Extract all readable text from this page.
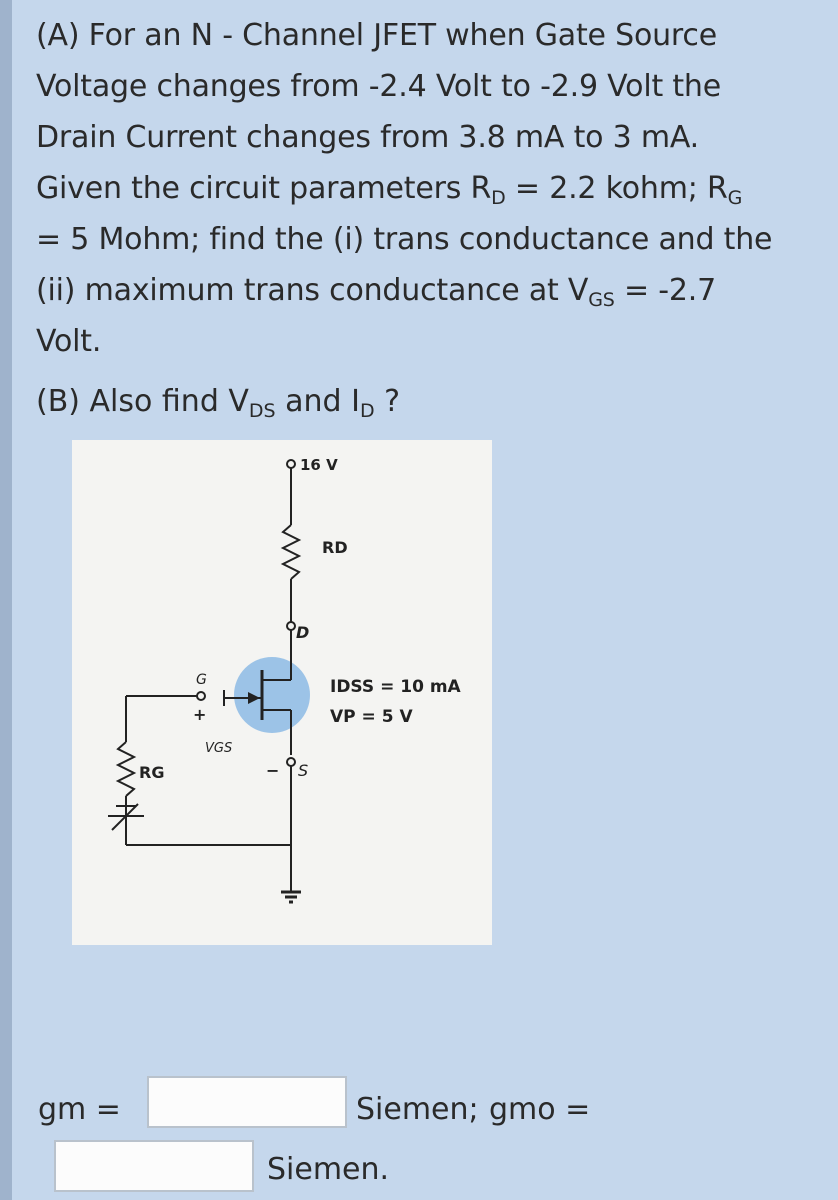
(A) For an N - Channel JFET when Gate Source
Voltage changes from -2.4 Volt to -2.9 Volt the
Drain Current changes from 3.8 mA to 3 mA.
Given the circuit parameters $R_D = 2.2$ kohm; $R_G$
= 5 Mohm; find the (i) trans conductance and the
(ii) maximum trans conductance at $V_{GS} = -2.7$
Volt.
(B) Also find $V_{DS}$ and $I_D$ ?
16 V
RD
D
G
+
VGS
− S
RG
IDSS = 10 mA
VP = 5 V
gm =	Siemen; gmo =
Siemen.
